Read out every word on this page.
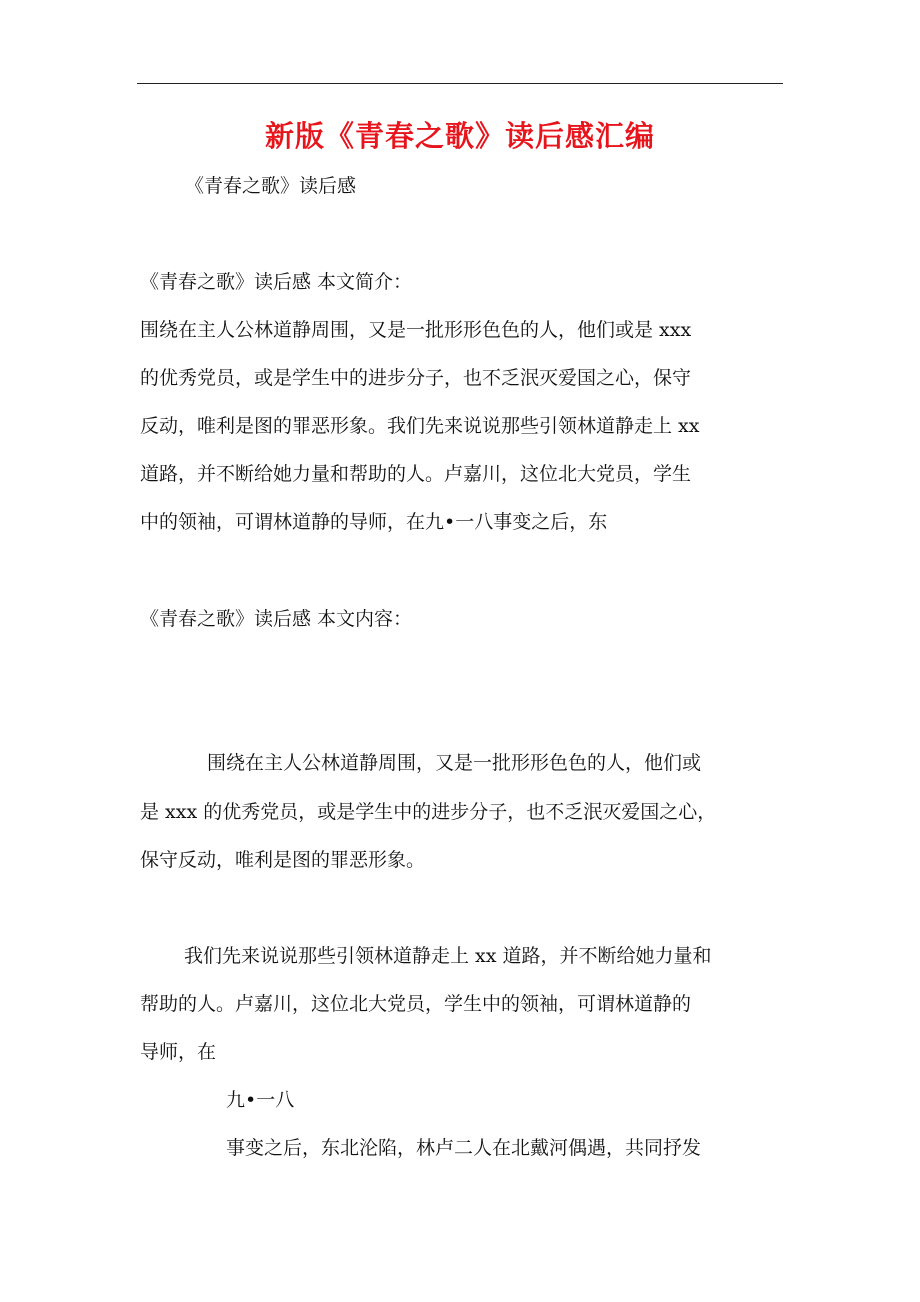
新版《青春之歌》读后感汇编
《青春之歌》读后感
《青春之歌》读后感 本文简介：
围绕在主人公林道静周围，又是一批形形色色的人，他们或是 xxx
的优秀党员，或是学生中的进步分子，也不乏泯灭爱国之心，保守
反动，唯利是图的罪恶形象。我们先来说说那些引领林道静走上 xx
道路，并不断给她力量和帮助的人。卢嘉川，这位北大党员，学生
中的领袖，可谓林道静的导师，在九•一八事变之后，东
《青春之歌》读后感 本文内容：
围绕在主人公林道静周围，又是一批形形色色的人，他们或
是 xxx 的优秀党员，或是学生中的进步分子，也不乏泯灭爱国之心，
保守反动，唯利是图的罪恶形象。
我们先来说说那些引领林道静走上 xx 道路，并不断给她力量和
帮助的人。卢嘉川，这位北大党员，学生中的领袖，可谓林道静的
导师，在
九•一八
事变之后，东北沦陷，林卢二人在北戴河偶遇，共同抒发
